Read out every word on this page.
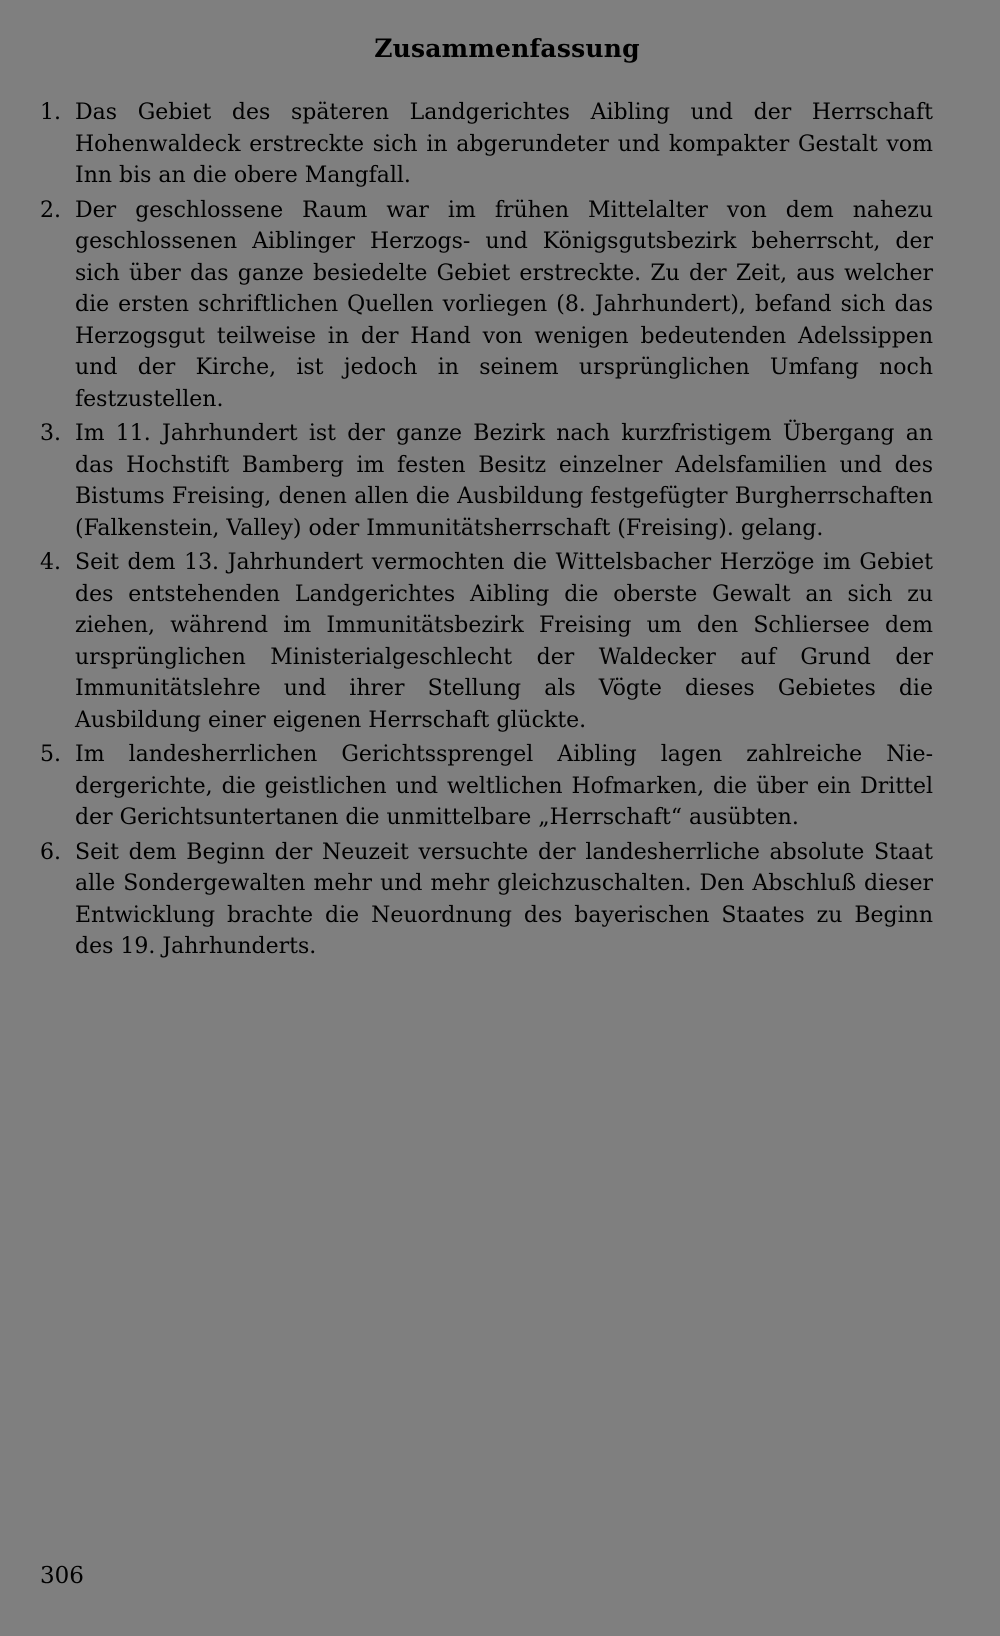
Zusammenfassung
1. Das Gebiet des späteren Landgerichtes Aibling und der Herrschaft Hohenwaldeck erstreckte sich in abgerundeter und kompakter Gestalt vom Inn bis an die obere Mangfall.
2. Der geschlossene Raum war im frühen Mittelalter von dem nahezu geschlossenen Aiblinger Herzogs- und Königsgutsbezirk beherrscht, der sich über das ganze besiedelte Gebiet erstreckte. Zu der Zeit, aus welcher die ersten schriftlichen Quellen vorliegen (8. Jahrhundert), befand sich das Herzogsgut teilweise in der Hand von wenigen bedeutenden Adelssippen und der Kirche, ist jedoch in seinem ursprünglichen Umfang noch festzustellen.
3. Im 11. Jahrhundert ist der ganze Bezirk nach kurzfristigem Übergang an das Hochstift Bamberg im festen Besitz einzelner Adelsfamilien und des Bistums Freising, denen allen die Ausbildung festgefügter Burgherrschaften (Falkenstein, Valley) oder Immunitätsherrschaft (Freising). gelang.
4. Seit dem 13. Jahrhundert vermochten die Wittelsbacher Herzöge im Gebiet des entstehenden Landgerichtes Aibling die oberste Gewalt an sich zu ziehen, während im Immunitätsbezirk Freising um den Schliersee dem ursprünglichen Ministerialgeschlecht der Waldecker auf Grund der Immunitätslehre und ihrer Stellung als Vögte dieses Gebietes die Ausbildung einer eigenen Herrschaft glückte.
5. Im landesherrlichen Gerichtssprengel Aibling lagen zahlreiche Niedergerichte, die geistlichen und weltlichen Hofmarken, die über ein Drittel der Gerichtsuntertanen die unmittelbare „Herrschaft“ ausübten.
6. Seit dem Beginn der Neuzeit versuchte der landesherrliche absolute Staat alle Sondergewalten mehr und mehr gleichzuschalten. Den Abschluß dieser Entwicklung brachte die Neuordnung des bayerischen Staates zu Beginn des 19. Jahrhunderts.
306
